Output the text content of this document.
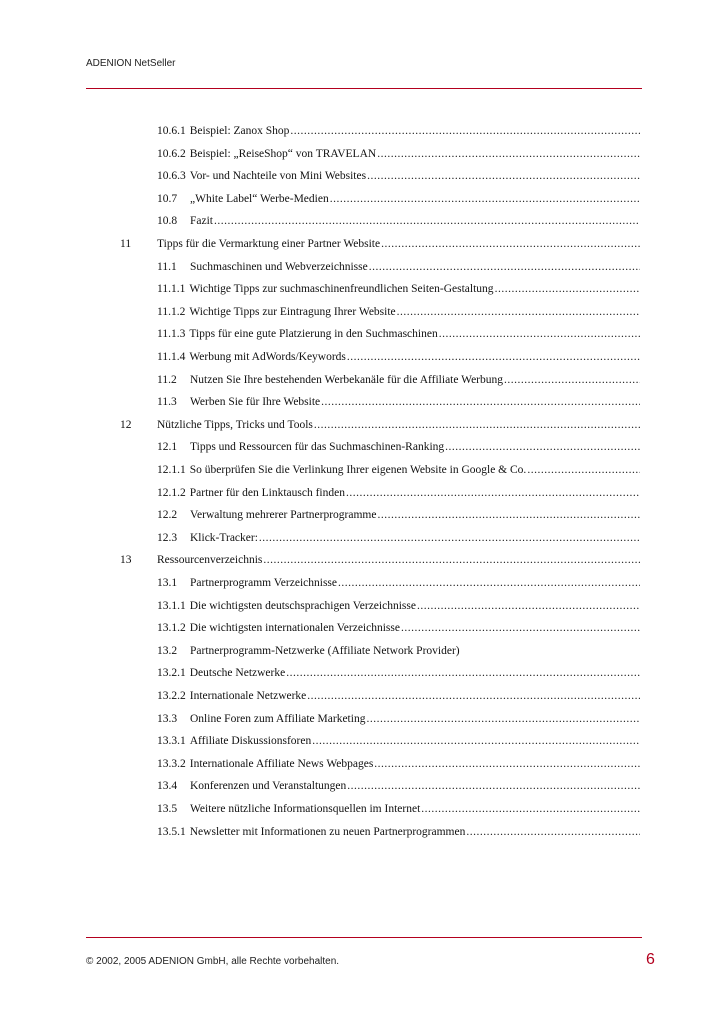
ADENION NetSeller
10.6.1 Beispiel: Zanox Shop
.....
10.6.2 Beispiel: „ReiseShop“ von TRAVELAN
.....
10.6.3 Vor- und Nachteile von Mini Websites
.....
10.7	„White Label“ Werbe-Medien
.....
10.8	Fazit
.....
11 Tipps für die Vermarktung einer Partner Website
.....
11.1	Suchmaschinen und Webverzeichnisse
.....
11.1.1 Wichtige Tipps zur suchmaschinenfreundlichen Seiten-Gestaltung
.....
11.1.2 Wichtige Tipps zur Eintragung Ihrer Website
.....
11.1.3 Tipps für eine gute Platzierung in den Suchmaschinen
.....
11.1.4 Werbung mit AdWords/Keywords
.....
11.2	Nutzen Sie Ihre bestehenden Werbekanäle für die Affiliate Werbung
.....
11.3	Werben Sie für Ihre Website
.....
12 Nützliche Tipps, Tricks und Tools
.....
12.1	Tipps und Ressourcen für das Suchmaschinen-Ranking
.....
12.1.1 So überprüfen Sie die Verlinkung Ihrer eigenen Website in Google & Co.
.....
12.1.2 Partner für den Linktausch finden
.....
12.2	Verwaltung mehrerer Partnerprogramme
.....
12.3	Klick-Tracker:
.....
13 Ressourcenverzeichnis
.....
13.1	Partnerprogramm Verzeichnisse
.....
13.1.1 Die wichtigsten deutschsprachigen Verzeichnisse
.....
13.1.2 Die wichtigsten internationalen Verzeichnisse
.....
13.2	Partnerprogramm-Netzwerke (Affiliate Network Provider)
13.2.1 Deutsche Netzwerke
.....
13.2.2 Internationale Netzwerke
.....
13.3	Online Foren zum Affiliate Marketing
.....
13.3.1 Affiliate Diskussionsforen
.....
13.3.2 Internationale Affiliate News Webpages
.....
13.4	Konferenzen und Veranstaltungen
.....
13.5	Weitere nützliche Informationsquellen im Internet
.....
13.5.1 Newsletter mit Informationen zu neuen Partnerprogrammen
.....
© 2002, 2005 ADENION GmbH, alle Rechte vorbehalten.	6
